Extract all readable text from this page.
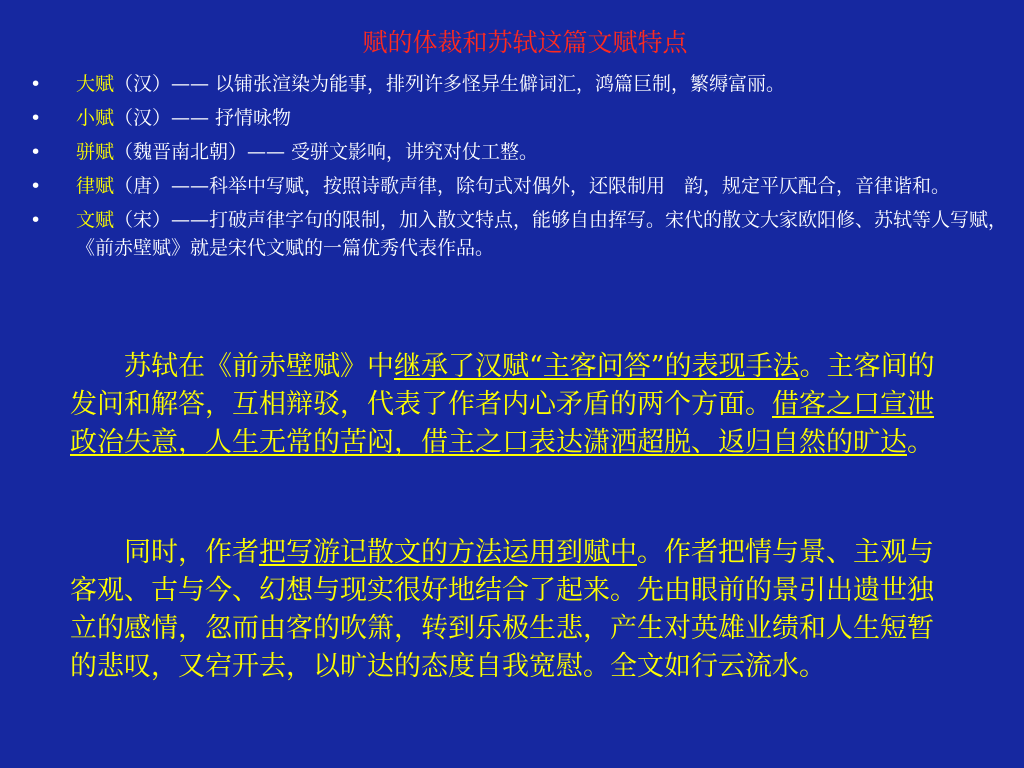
赋的体裁和苏轼这篇文赋特点
•	大赋（汉）—— 以铺张渲染为能事，排列许多怪异生僻词汇，鸿篇巨制，繁缛富丽。
•	小赋（汉）—— 抒情咏物
•	骈赋（魏晋南北朝）—— 受骈文影响，讲究对仗工整。
•	律赋（唐）——科举中写赋，按照诗歌声律，除句式对偶外，还限制用　韵，规定平仄配合，音律谐和。
•	文赋（宋）——打破声律字句的限制，加入散文特点，能够自由挥写。宋代的散文大家欧阳修、苏轼等人写赋，《前赤壁赋》就是宋代文赋的一篇优秀代表作品。

苏轼在《前赤壁赋》中继承了汉赋“主客问答”的表现手法。主客间的发问和解答，互相辩驳，代表了作者内心矛盾的两个方面。借客之口宣泄政治失意，人生无常的苦闷，借主之口表达潇洒超脱、返归自然的旷达。

同时，作者把写游记散文的方法运用到赋中。作者把情与景、主观与客观、古与今、幻想与现实很好地结合了起来。先由眼前的景引出遗世独立的感情，忽而由客的吹箫，转到乐极生悲，产生对英雄业绩和人生短暂的悲叹，又宕开去，以旷达的态度自我宽慰。全文如行云流水。
